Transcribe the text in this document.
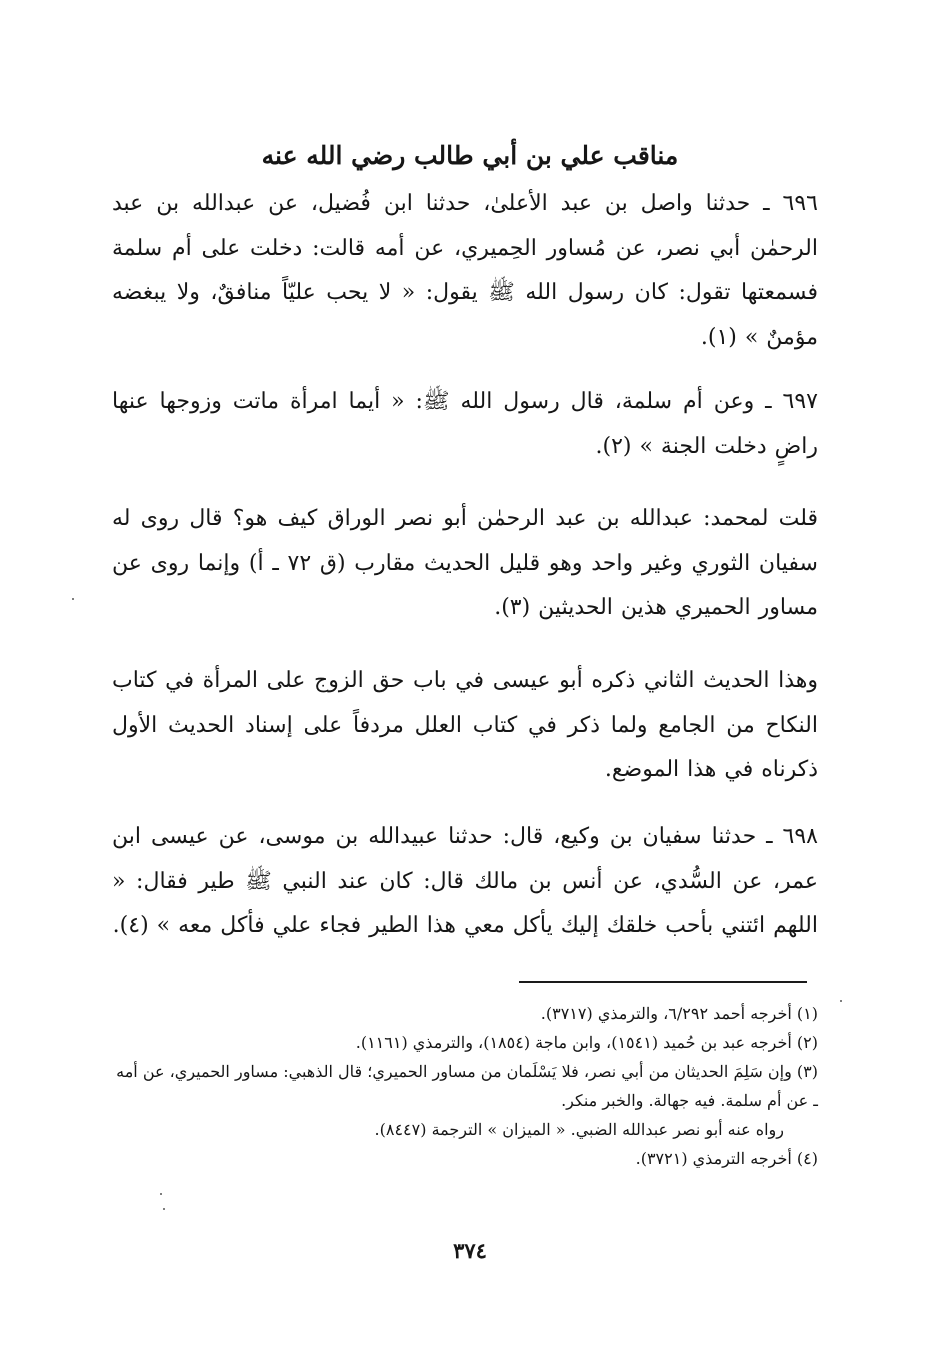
مناقب علي بن أبي طالب رضي الله عنه

٦٩٦ ـ حدثنا واصل بن عبد الأعلىٰ، حدثنا ابن فُضيل، عن عبدالله بن عبد الرحمٰن أبي نصر، عن مُساور الحِميري، عن أمه قالت: دخلت على أم سلمة فسمعتها تقول: كان رسول الله ﷺ يقول: « لا يحب عليّاً منافقٌ، ولا يبغضه مؤمنٌ » (١).

٦٩٧ ـ وعن أم سلمة، قال رسول الله ﷺ: « أيما امرأة ماتت وزوجها عنها راضٍ دخلت الجنة » (٢).

قلت لمحمد: عبدالله بن عبد الرحمٰن أبو نصر الوراق كيف هو؟ قال روى له سفيان الثوري وغير واحد وهو قليل الحديث مقارب (ق ٧٢ ـ أ) وإنما روى عن مساور الحميري هذين الحديثين (٣).

وهذا الحديث الثاني ذكره أبو عيسى في باب حق الزوج على المرأة في كتاب النكاح من الجامع ولما ذكر في كتاب العلل مردفاً على إسناد الحديث الأول ذكرناه في هذا الموضع.

٦٩٨ ـ حدثنا سفيان بن وكيع، قال: حدثنا عبيدالله بن موسى، عن عيسى ابن عمر، عن السُّدي، عن أنس بن مالك قال: كان عند النبي ﷺ طير فقال: « اللهم ائتني بأحب خلقك إليك يأكل معي هذا الطير فجاء علي فأكل معه » (٤).

(١) أخرجه أحمد ٦/٢٩٢، والترمذي (٣٧١٧).
(٢) أخرجه عبد بن حُميد (١٥٤١)، وابن ماجة (١٨٥٤)، والترمذي (١١٦١).
(٣) وإن سَلِمَ الحديثان من أبي نصر، فلا يَسْلَمان من مساور الحميري؛ قال الذهبي: مساور الحميري، عن أمه ـ عن أم سلمة. فيه جهالة. والخبر منكر.
رواه عنه أبو نصر عبدالله الضبي. « الميزان » الترجمة (٨٤٤٧).
(٤) أخرجه الترمذي (٣٧٢١).
٣٧٤
